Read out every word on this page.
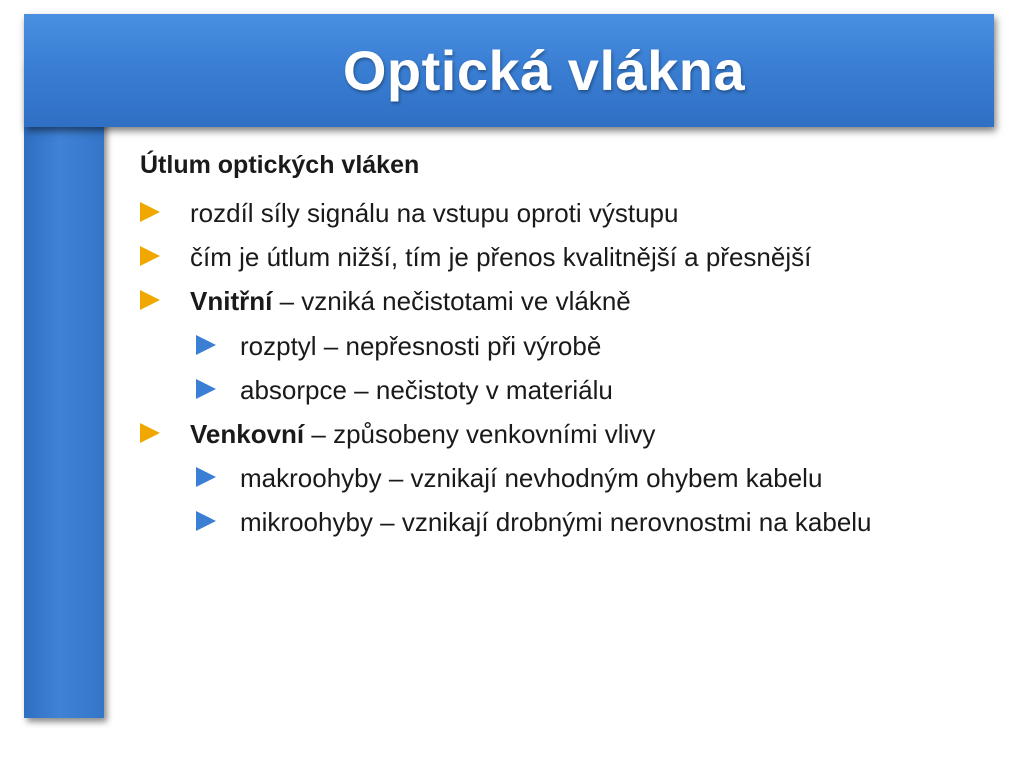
Optická vlákna
Útlum optických vláken
rozdíl síly signálu na vstupu oproti výstupu
čím je útlum nižší, tím je přenos kvalitnější a přesnější
Vnitřní – vzniká nečistotami ve vlákně
rozptyl – nepřesnosti při výrobě
absorpce – nečistoty v materiálu
Venkovní – způsobeny venkovními vlivy
makroohyby – vznikají nevhodným ohybem kabelu
mikroohyby – vznikají drobnými nerovnostmi na kabelu
